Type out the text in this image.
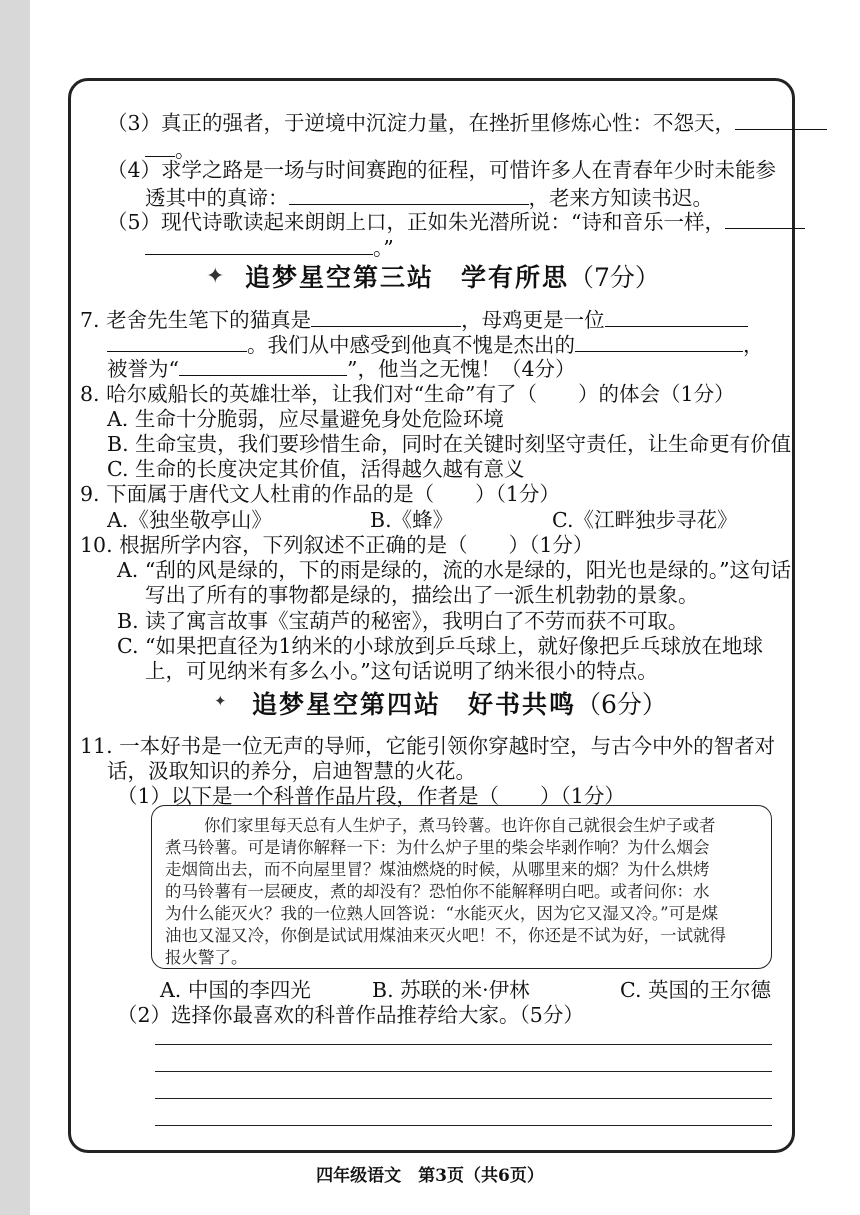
（3）真正的强者，于逆境中沉淀力量，在挫折里修炼心性：不怨天，
。
（4）求学之路是一场与时间赛跑的征程，可惜许多人在青春年少时未能参
透其中的真谛：	，老来方知读书迟。
（5）现代诗歌读起来朗朗上口，正如朱光潜所说：“诗和音乐一样，
。”
✦ 追梦星空第三站　学有所思（7分）
7. 老舍先生笔下的猫真是	，母鸡更是一位
。我们从中感受到他真不愧是杰出的	，
被誉为“	”，他当之无愧！（4分）
8. 哈尔威船长的英雄壮举，让我们对“生命”有了（　　）的体会（1分）
A. 生命十分脆弱，应尽量避免身处危险环境
B. 生命宝贵，我们要珍惜生命，同时在关键时刻坚守责任，让生命更有价值
C. 生命的长度决定其价值，活得越久越有意义
9. 下面属于唐代文人杜甫的作品的是（　　）（1分）
A.《独坐敬亭山》	B.《蜂》	C.《江畔独步寻花》
10. 根据所学内容，下列叙述不正确的是（　　）（1分）
A. “刮的风是绿的，下的雨是绿的，流的水是绿的，阳光也是绿的。”这句话
写出了所有的事物都是绿的，描绘出了一派生机勃勃的景象。
B. 读了寓言故事《宝葫芦的秘密》，我明白了不劳而获不可取。
C. “如果把直径为1纳米的小球放到乒乓球上，就好像把乒乓球放在地球
上，可见纳米有多么小。”这句话说明了纳米很小的特点。
✦ 追梦星空第四站　好书共鸣（6分）
11. 一本好书是一位无声的导师，它能引领你穿越时空，与古今中外的智者对
话，汲取知识的养分，启迪智慧的火花。
（1）以下是一个科普作品片段，作者是（　　）（1分）
你们家里每天总有人生炉子，煮马铃薯。也许你自己就很会生炉子或者
煮马铃薯。可是请你解释一下：为什么炉子里的柴会毕剥作响？为什么烟会
走烟筒出去，而不向屋里冒？煤油燃烧的时候，从哪里来的烟？为什么烘烤
的马铃薯有一层硬皮，煮的却没有？恐怕你不能解释明白吧。或者问你：水
为什么能灭火？我的一位熟人回答说：“水能灭火，因为它又湿又冷。”可是煤
油也又湿又冷，你倒是试试用煤油来灭火吧！不，你还是不试为好，一试就得
报火警了。
A. 中国的李四光	B. 苏联的米·伊林	C. 英国的王尔德
（2）选择你最喜欢的科普作品推荐给大家。（5分）
四年级语文　第3页（共6页）
